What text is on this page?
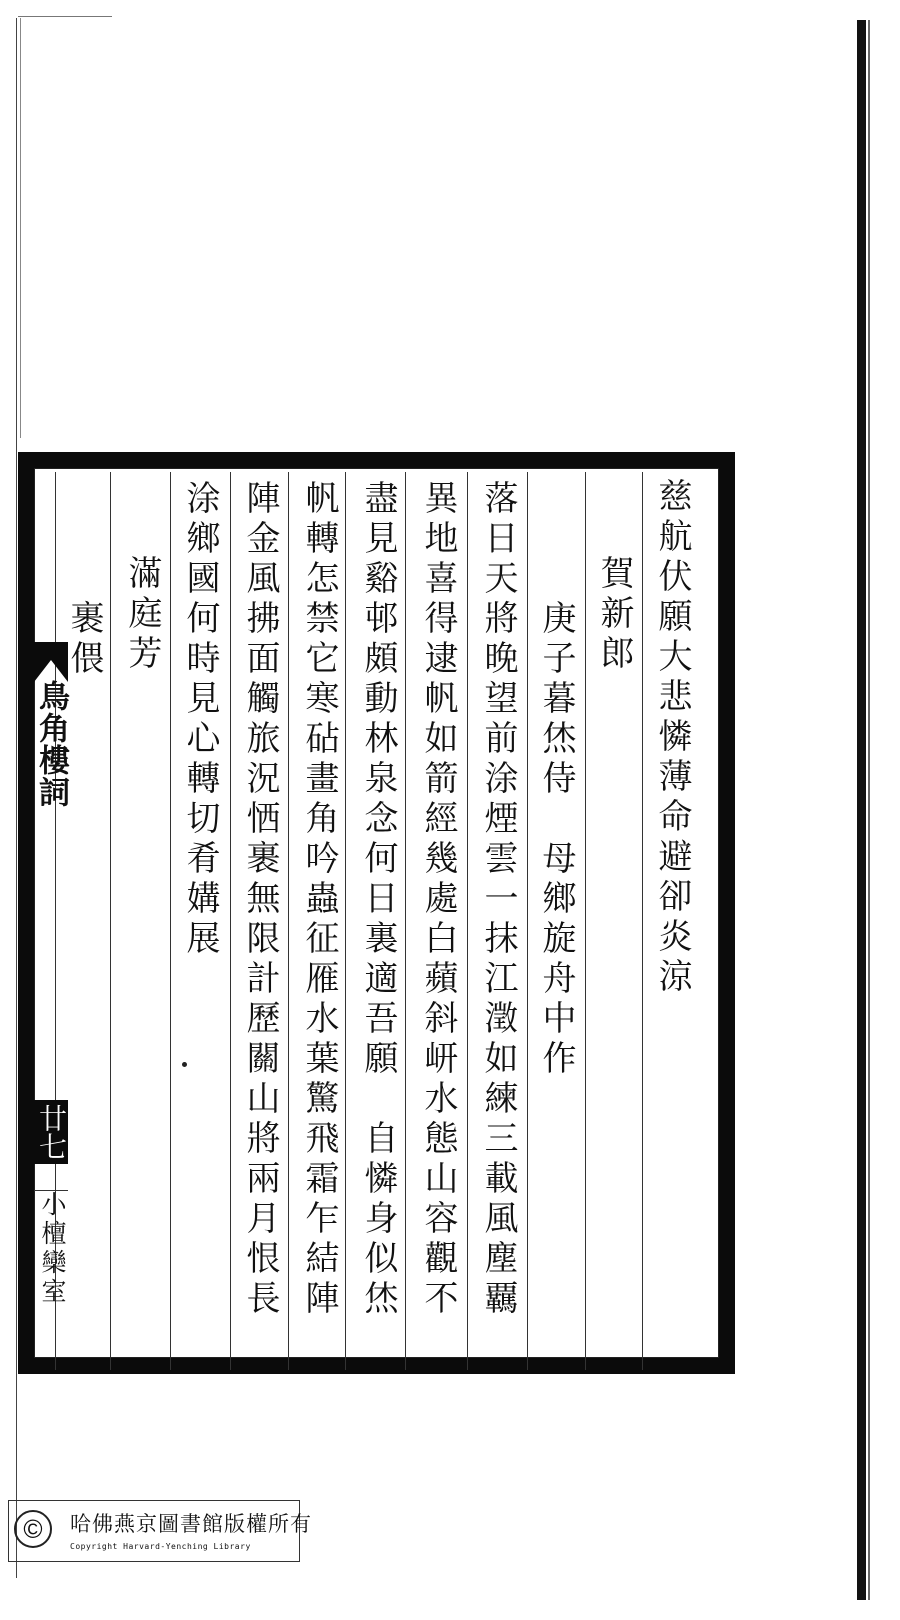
鳥角樓詞
廿七
小檀欒室
慈航伏願大悲憐薄命避卻炎涼
賀新郎
庚子暮烋侍　母鄉旋舟中作
落日天將晚望前涂煙雲一抹江澂如練三載風塵覊
異地喜得逮帆如箭經幾處白蘋斜岍水態山容觀不
盡見谿邨頗動林泉念何日裏適吾願　自憐身似烋
帆轉怎禁它寒砧畫角吟蟲征雁水葉驚飛霜乍結陣
陣金風拂面觸旅況恓裹無限計歷關山將兩月恨長
涂鄉國何時見心轉切肴媾展
滿庭芳
裹偎
©	哈佛燕京圖書館版權所有
Copyright Harvard-Yenching Library
